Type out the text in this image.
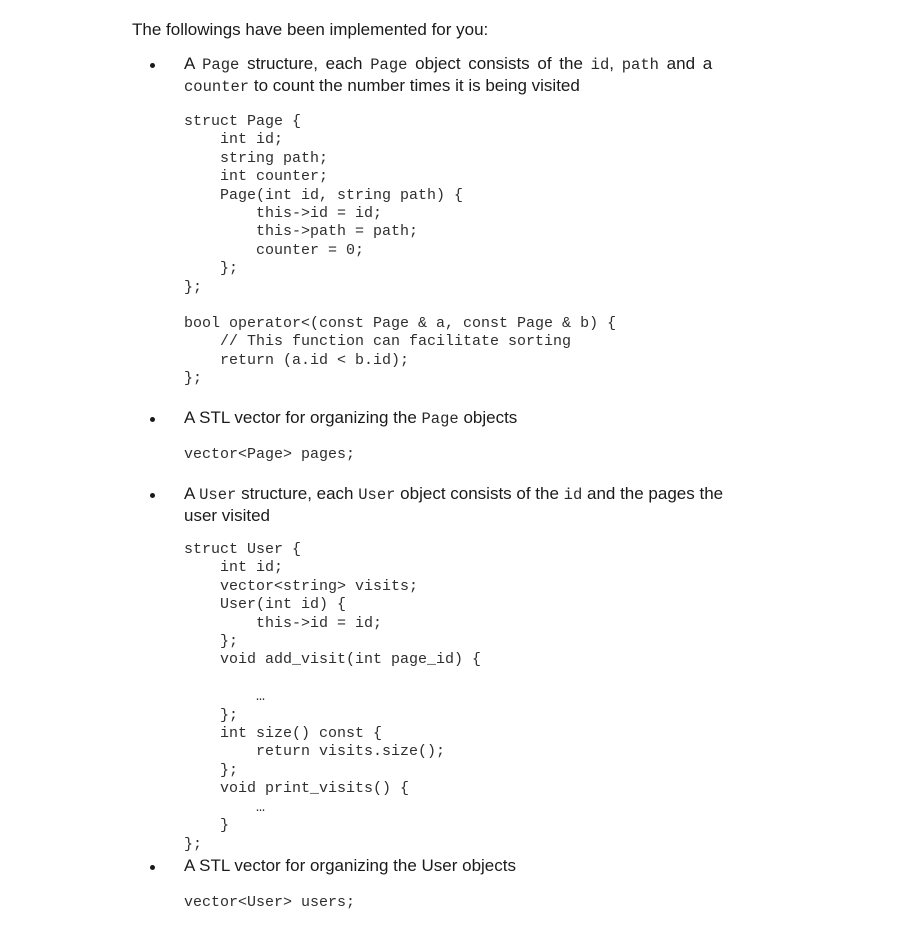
The followings have been implemented for you:
A Page structure, each Page object consists of the id, path and a
counter to count the number times it is being visited
struct Page {
int id;
string path;
int counter;
Page(int id, string path) {
this->id = id;
this->path = path;
counter = 0;
};
};
bool operator<(const Page & a, const Page & b) {
// This function can facilitate sorting
return (a.id < b.id);
};
A STL vector for organizing the Page objects
vector<Page> pages;
A User structure, each User object consists of the id and the pages the
user visited
struct User {
int id;
vector<string> visits;
User(int id) {
this->id = id;
};
void add_visit(int page_id) {

…
};
int size() const {
return visits.size();
};
void print_visits() {
…
}
};
A STL vector for organizing the User objects
vector<User> users;
